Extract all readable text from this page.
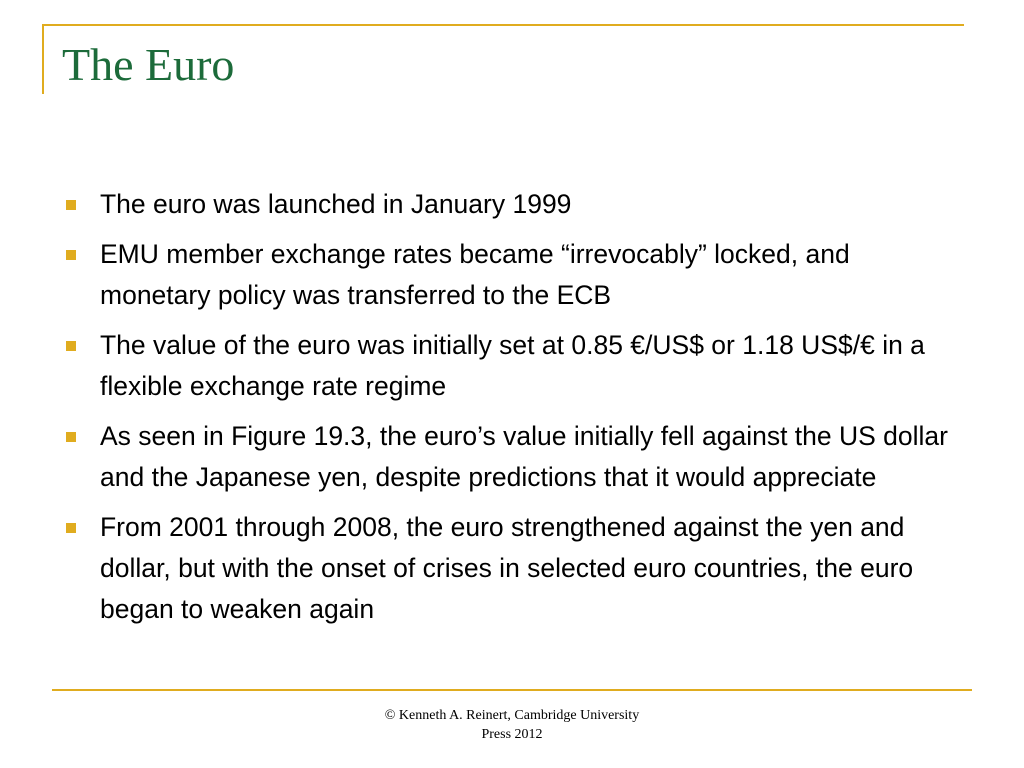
The Euro
The euro was launched in January 1999
EMU member exchange rates became “irrevocably” locked, and monetary policy was transferred to the ECB
The value of the euro was initially set at 0.85 €/US$ or 1.18 US$/€ in a flexible exchange rate regime
As seen in Figure 19.3, the euro’s value initially fell against the US dollar and the Japanese yen, despite predictions that it would appreciate
From 2001 through 2008, the euro strengthened against the yen and dollar, but with the onset of crises in selected euro countries, the euro began to weaken again
© Kenneth A. Reinert, Cambridge University
Press 2012
